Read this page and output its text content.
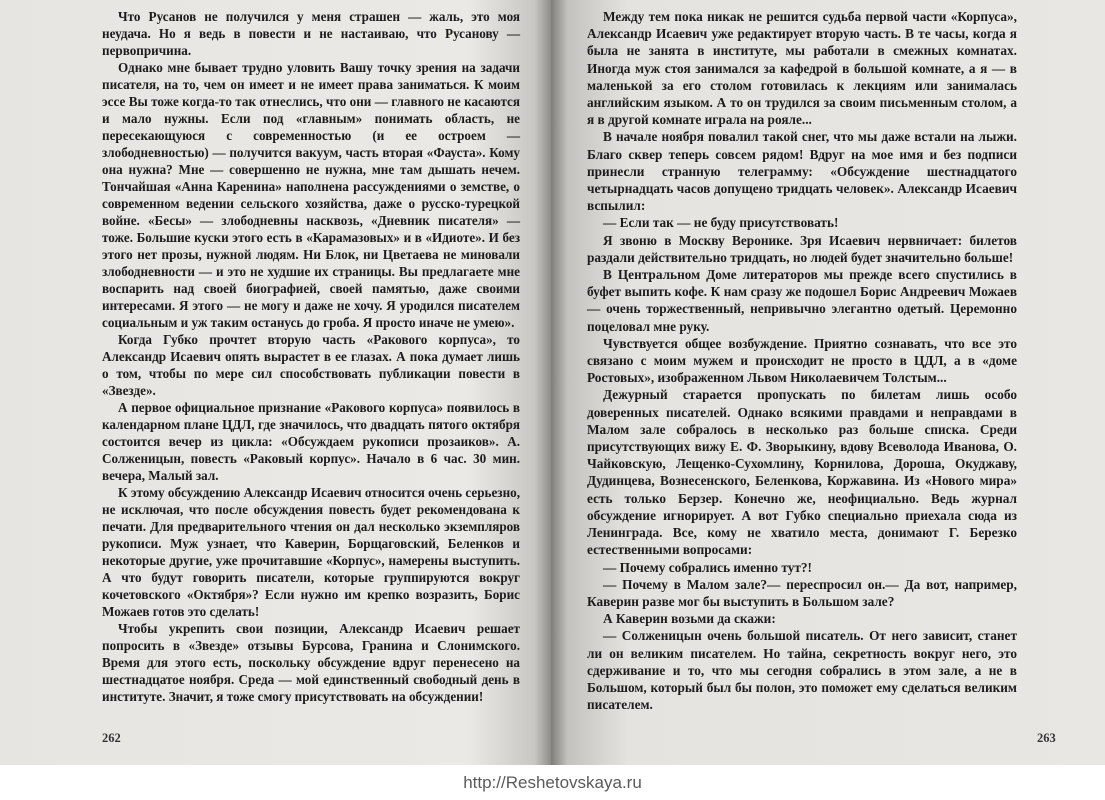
Что Русанов не получился у меня страшен — жаль, это моя неудача. Но я ведь в повести и не настаиваю, что Русанову — первопричина.

Однако мне бывает трудно уловить Вашу точку зрения на задачи писателя, на то, чем он имеет и не имеет права заниматься. К моим эссе Вы тоже когда-то так отнеслись, что они — главного не касаются и мало нужны. Если под «главным» понимать область, не пересекающуюся с современностью (и ее остроем — злободневностью) — получится вакуум, часть вторая «Фауста». Кому она нужна? Мне — совершенно не нужна, мне там дышать нечем. Тончайшая «Анна Каренина» наполнена рассуждениями о земстве, о современном ведении сельского хозяйства, даже о русско-турецкой войне. «Бесы» — злободневны насквозь, «Дневник писателя» — тоже. Большие куски этого есть в «Карамазовых» и в «Идиоте». И без этого нет прозы, нужной людям. Ни Блок, ни Цветаева не миновали злободневности — и это не худшие их страницы. Вы предлагаете мне воспарить над своей биографией, своей памятью, даже своими интересами. Я этого — не могу и даже не хочу. Я уродился писателем социальным и уж таким останусь до гроба. Я просто иначе не умею».

Когда Губко прочтет вторую часть «Ракового корпуса», то Александр Исаевич опять вырастет в ее глазах. А пока думает лишь о том, чтобы по мере сил способствовать публикации повести в «Звезде».

А первое официальное признание «Ракового корпуса» появилось в календарном плане ЦДЛ, где значилось, что двадцать пятого октября состоится вечер из цикла: «Обсуждаем рукописи прозаиков». А. Солженицын, повесть «Раковый корпус». Начало в 6 час. 30 мин. вечера, Малый зал.

К этому обсуждению Александр Исаевич относится очень серьезно, не исключая, что после обсуждения повесть будет рекомендована к печати. Для предварительного чтения он дал несколько экземпляров рукописи. Муж узнает, что Каверин, Борщаговский, Беленков и некоторые другие, уже прочитавшие «Корпус», намерены выступить. А что будут говорить писатели, которые группируются вокруг кочетовского «Октября»? Если нужно им крепко возразить, Борис Можаев готов это сделать!

Чтобы укрепить свои позиции, Александр Исаевич решает попросить в «Звезде» отзывы Бурсова, Гранина и Слонимского. Время для этого есть, поскольку обсуждение вдруг перенесено на шестнадцатое ноября. Среда — мой единственный свободный день в институте. Значит, я тоже смогу присутствовать на обсуждении!

262

Между тем пока никак не решится судьба первой части «Корпуса», Александр Исаевич уже редактирует вторую часть. В те часы, когда я была не занята в институте, мы работали в смежных комнатах. Иногда муж стоя занимался за кафедрой в большой комнате, а я — в маленькой за его столом готовилась к лекциям или занималась английским языком. А то он трудился за своим письменным столом, а я в другой комнате играла на рояле...

В начале ноября повалил такой снег, что мы даже встали на лыжи. Благо сквер теперь совсем рядом! Вдруг на мое имя и без подписи принесли странную телеграмму: «Обсуждение шестнадцатого четырнадцать часов допущено тридцать человек». Александр Исаевич вспылил:

— Если так — не буду присутствовать!

Я звоню в Москву Веронике. Зря Исаевич нервничает: билетов раздали действительно тридцать, но людей будет значительно больше!

В Центральном Доме литераторов мы прежде всего спустились в буфет выпить кофе. К нам сразу же подошел Борис Андреевич Можаев — очень торжественный, непривычно элегантно одетый. Церемонно поцеловал мне руку.

Чувствуется общее возбуждение. Приятно сознавать, что все это связано с моим мужем и происходит не просто в ЦДЛ, а в «доме Ростовых», изображенном Львом Николаевичем Толстым...

Дежурный старается пропускать по билетам лишь особо доверенных писателей. Однако всякими правдами и неправдами в Малом зале собралось в несколько раз больше списка. Среди присутствующих вижу Е. Ф. Зворыкину, вдову Всеволода Иванова, О. Чайковскую, Лещенко-Сухомлину, Корнилова, Дороша, Окуджаву, Дудинцева, Вознесенского, Беленкова, Коржавина. Из «Нового мира» есть только Берзер. Конечно же, неофициально. Ведь журнал обсуждение игнорирует. А вот Губко специально приехала сюда из Ленинграда. Все, кому не хватило места, донимают Г. Березко естественными вопросами:

— Почему собрались именно тут?!

— Почему в Малом зале?— переспросил он.— Да вот, например, Каверин разве мог бы выступить в Большом зале?

А Каверин возьми да скажи:

— Солженицын очень большой писатель. От него зависит, станет ли он великим писателем. Но тайна, секретность вокруг него, это сдерживание и то, что мы сегодня собрались в этом зале, а не в Большом, который был бы полон, это поможет ему сделаться великим писателем.

263
http://Reshetovskaya.ru
